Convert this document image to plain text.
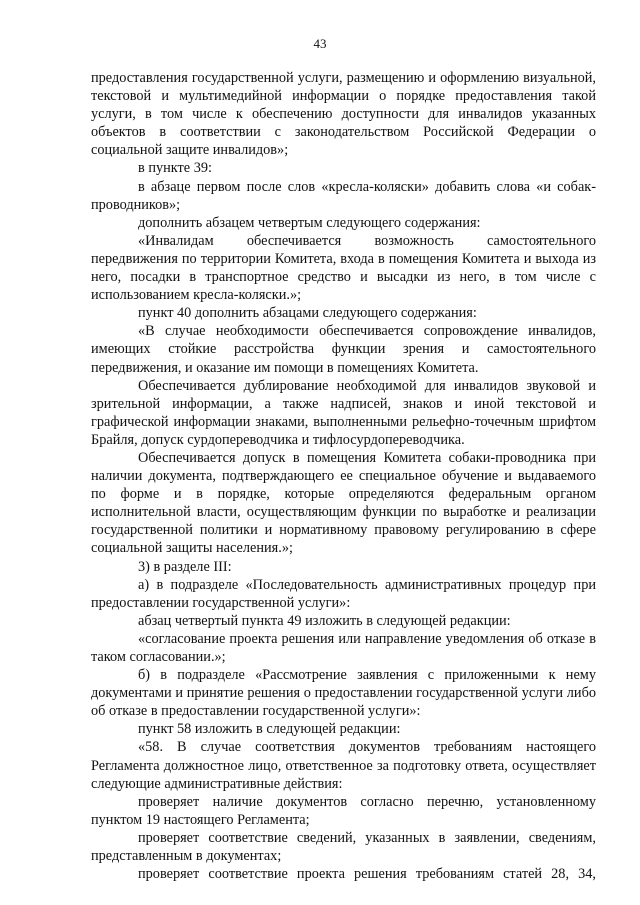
43

предоставления государственной услуги, размещению и оформлению визуальной, текстовой и мультимедийной информации о порядке предоставления такой услуги, в том числе к обеспечению доступности для инвалидов указанных объектов в соответствии с законодательством Российской Федерации о социальной защите инвалидов»;

в пункте 39:

в абзаце первом после слов «кресла-коляски» добавить слова «и собак-проводников»;

дополнить абзацем четвертым следующего содержания:

«Инвалидам обеспечивается возможность самостоятельного передвижения по территории Комитета, входа в помещения Комитета и выхода из него, посадки в транспортное средство и высадки из него, в том числе с использованием кресла-коляски.»;

пункт 40 дополнить абзацами следующего содержания:

«В случае необходимости обеспечивается сопровождение инвалидов, имеющих стойкие расстройства функции зрения и самостоятельного передвижения, и оказание им помощи в помещениях Комитета.

Обеспечивается дублирование необходимой для инвалидов звуковой и зрительной информации, а также надписей, знаков и иной текстовой и графической информации знаками, выполненными рельефно-точечным шрифтом Брайля, допуск сурдопереводчика и тифлосурдопереводчика.

Обеспечивается допуск в помещения Комитета собаки-проводника при наличии документа, подтверждающего ее специальное обучение и выдаваемого по форме и в порядке, которые определяются федеральным органом исполнительной власти, осуществляющим функции по выработке и реализации государственной политики и нормативному правовому регулированию в сфере социальной защиты населения.»;

3) в разделе III:

а) в подразделе «Последовательность административных процедур при предоставлении государственной услуги»:

абзац четвертый пункта 49 изложить в следующей редакции:

«согласование проекта решения или направление уведомления об отказе в таком согласовании.»;

б) в подразделе «Рассмотрение заявления с приложенными к нему документами и принятие решения о предоставлении государственной услуги либо об отказе в предоставлении государственной услуги»:

пункт 58 изложить в следующей редакции:

«58. В случае соответствия документов требованиям настоящего Регламента должностное лицо, ответственное за подготовку ответа, осуществляет следующие административные действия:

проверяет наличие документов согласно перечню, установленному пунктом 19 настоящего Регламента;

проверяет соответствие сведений, указанных в заявлении, сведениям, представленным в документах;

проверяет соответствие проекта решения требованиям статей 28, 34,
